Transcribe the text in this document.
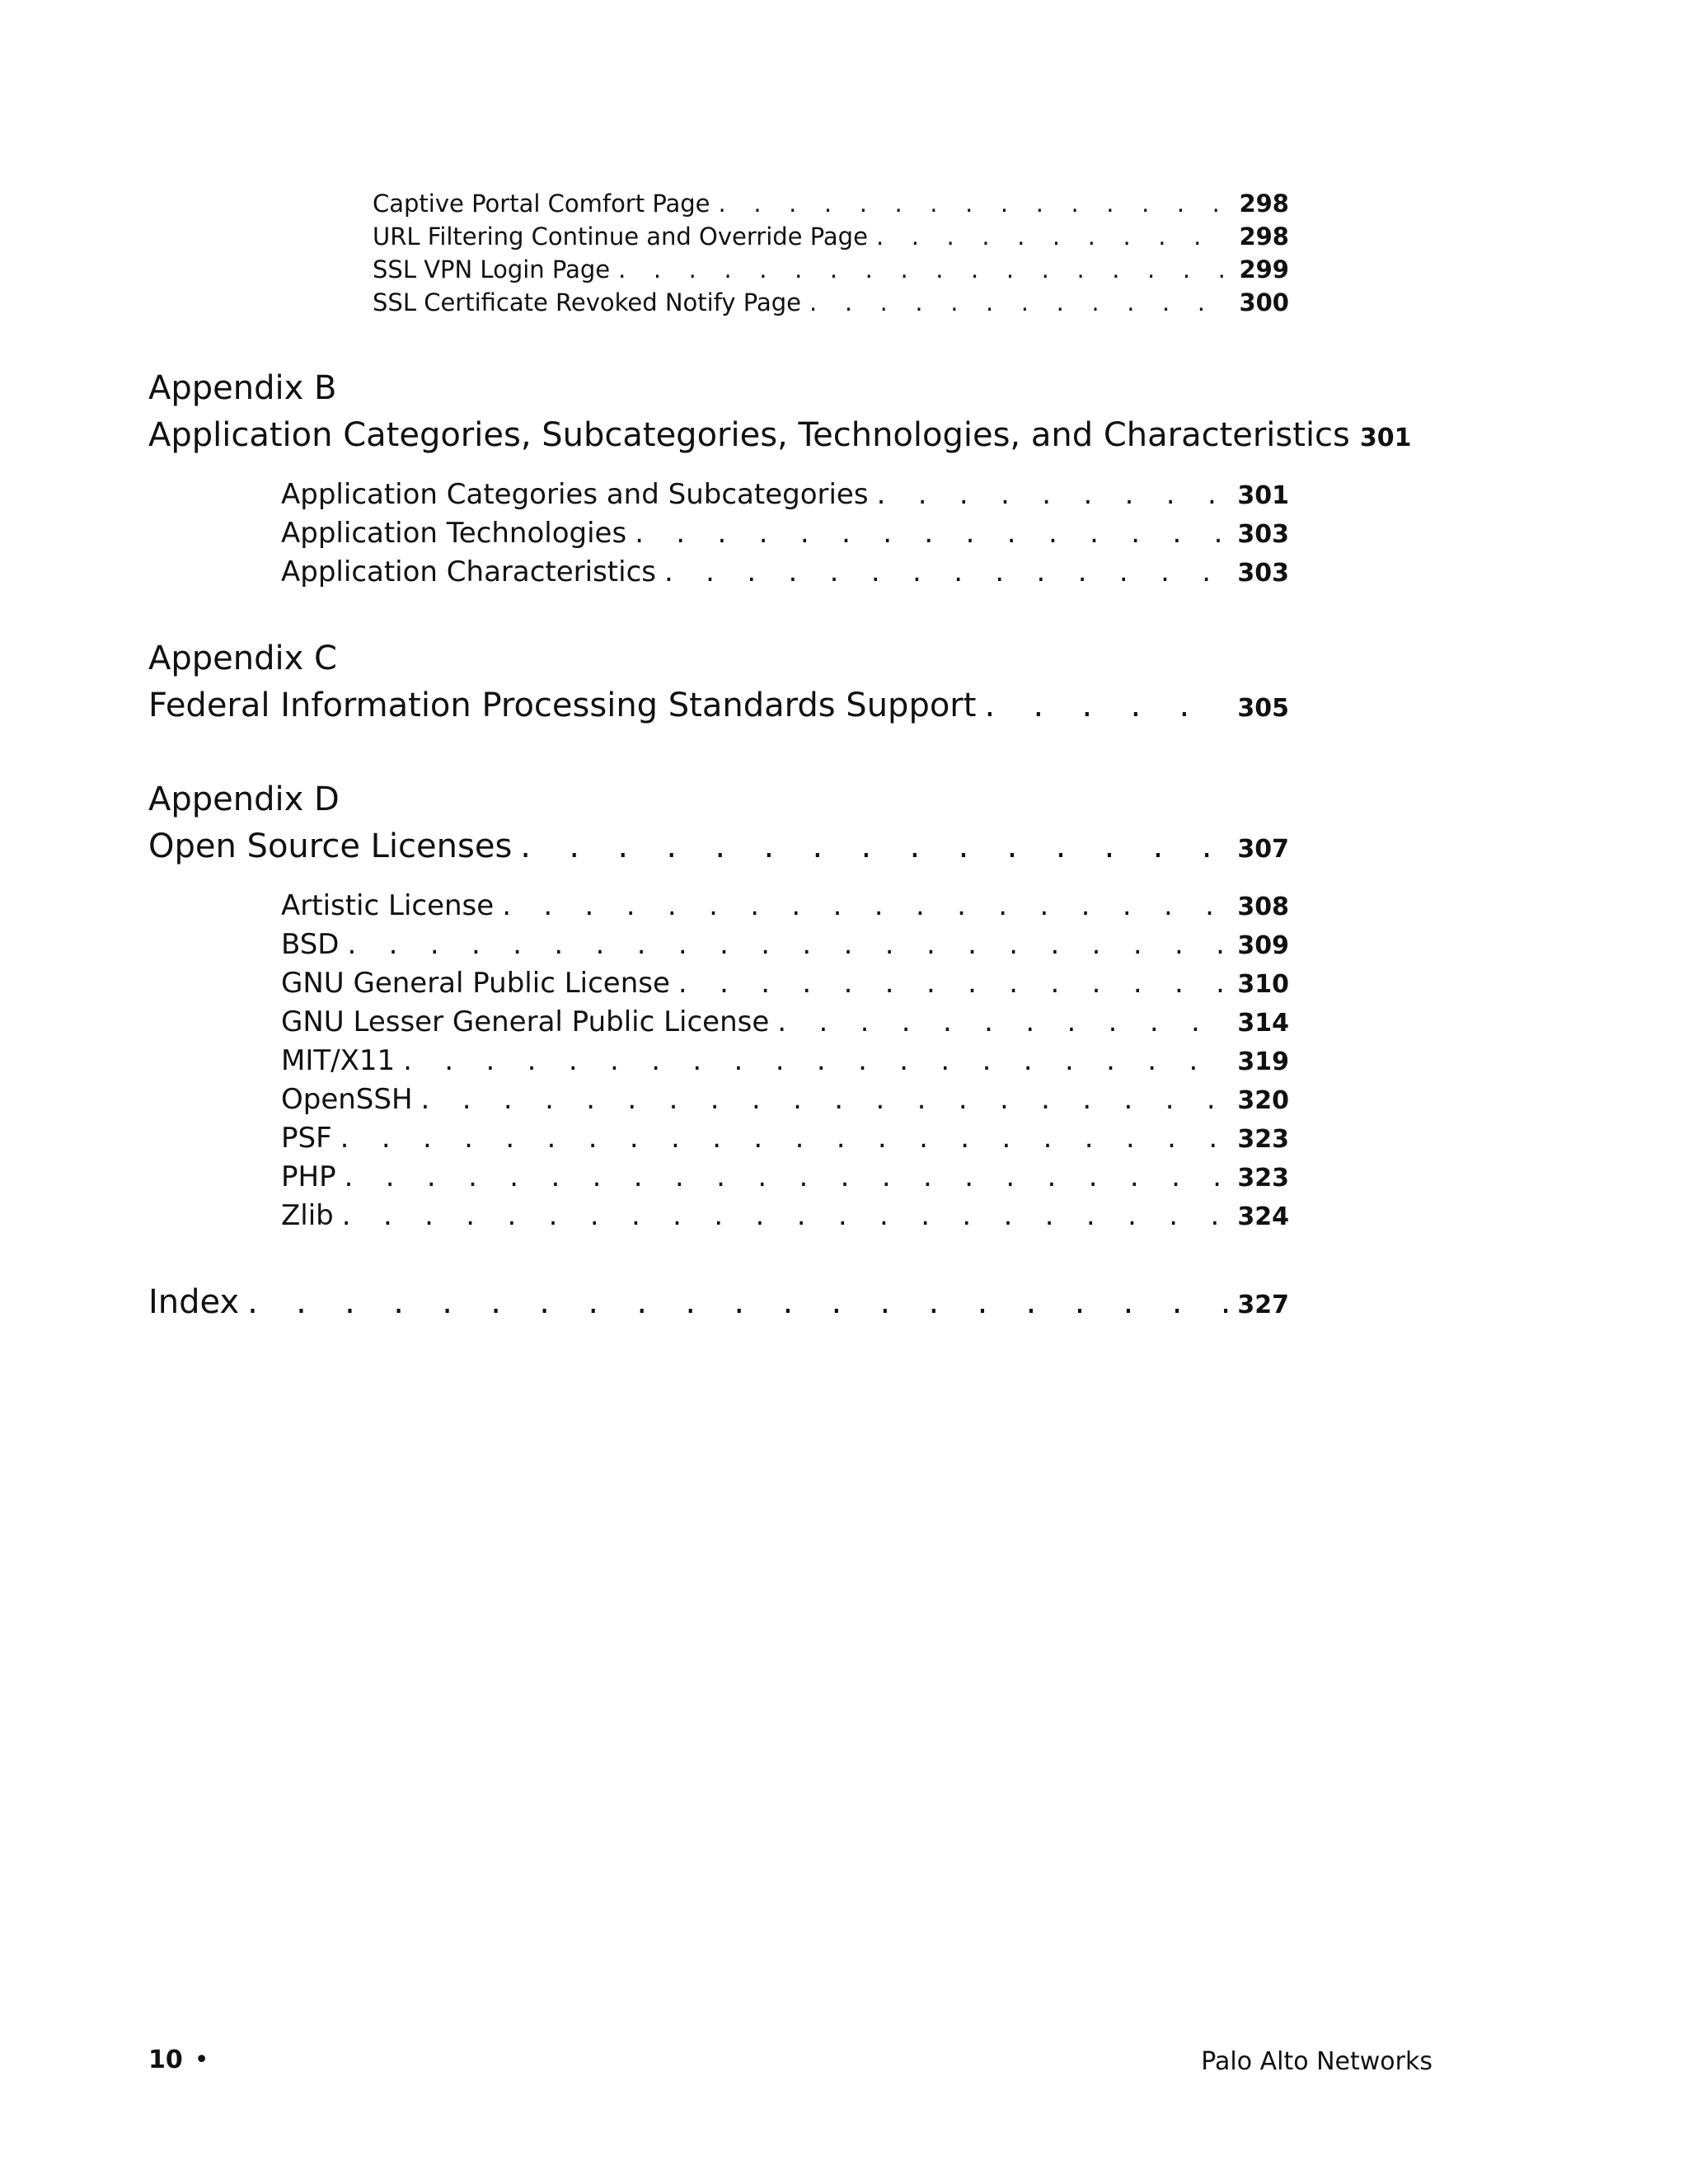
Captive Portal Comfort Page . . .	298
URL Filtering Continue and Override Page . . .	298
SSL VPN Login Page . . .	299
SSL Certificate Revoked Notify Page . . .	300
Appendix B
Application Categories, Subcategories, Technologies, and Characteristics 301
Application Categories and Subcategories . . .	301
Application Technologies . . .	303
Application Characteristics . . .	303
Appendix C
Federal Information Processing Standards Support . . .	305
Appendix D
Open Source Licenses . . .	307
Artistic License . . .	308
BSD . . .	309
GNU General Public License . . .	310
GNU Lesser General Public License . . .	314
MIT/X11 . . .	319
OpenSSH . . .	320
PSF . . .	323
PHP . . .	323
Zlib . . .	324
Index . . .	327
10 •	Palo Alto Networks
